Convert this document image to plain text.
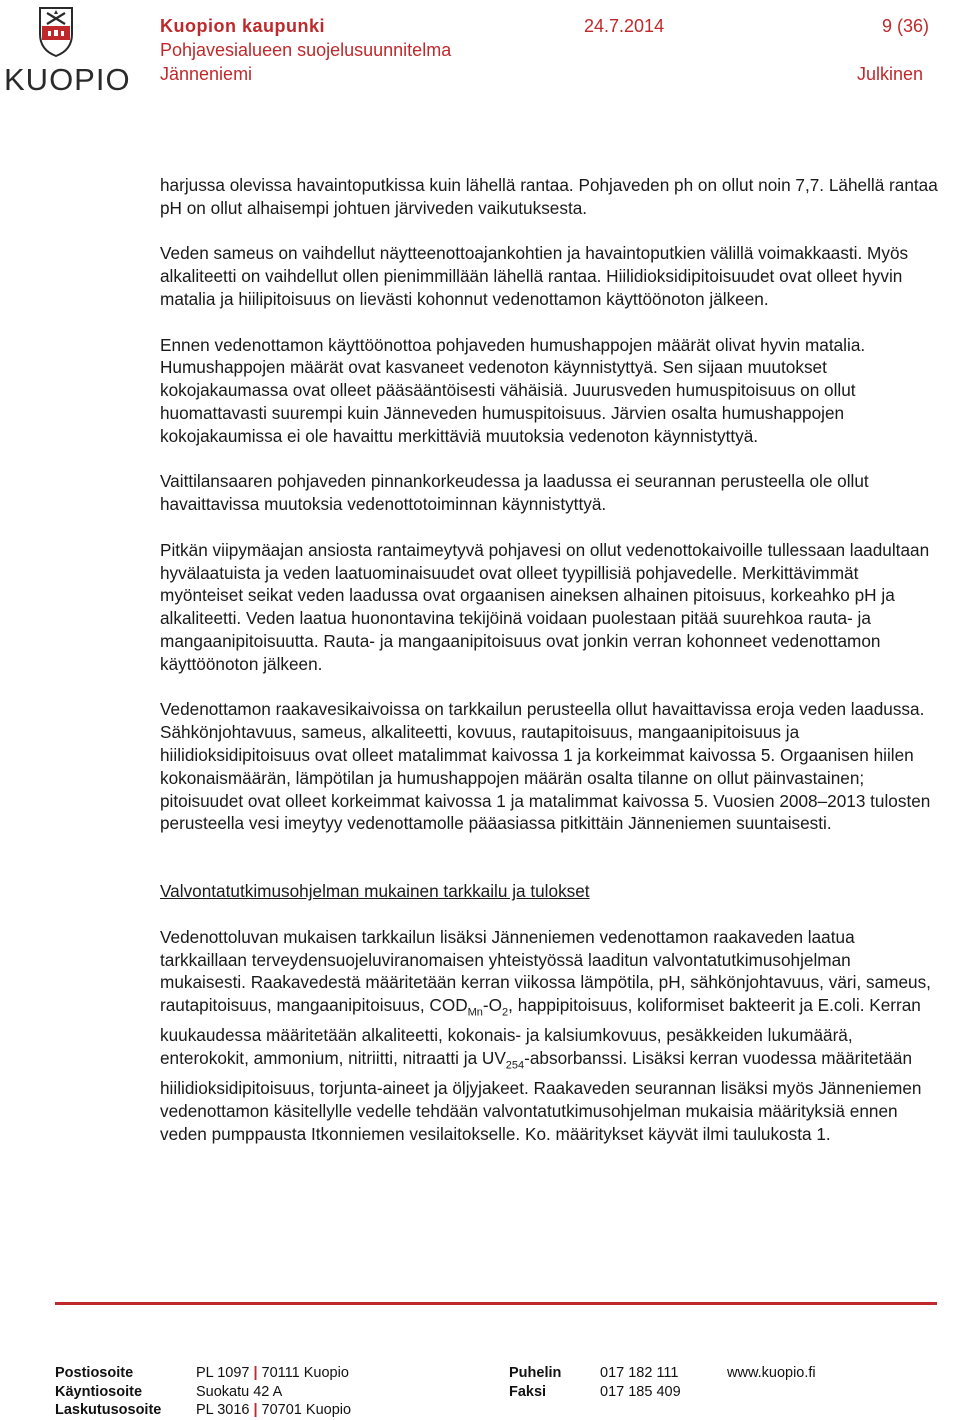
KUOPIO
Kuopion kaupunki
Pohjavesialueen suojelusuunnitelma
Jänneniemi
24.7.2014	9 (36)
Julkinen

harjussa olevissa havaintoputkissa kuin lähellä rantaa. Pohjaveden ph on ollut noin 7,7. Lähellä rantaa pH on ollut alhaisempi johtuen järviveden vaikutuksesta.

Veden sameus on vaihdellut näytteenottoajankohtien ja havaintoputkien välillä voimakkaasti. Myös alkaliteetti on vaihdellut ollen pienimmillään lähellä rantaa. Hiilidioksidipitoisuudet ovat olleet hyvin matalia ja hiilipitoisuus on lievästi kohonnut vedenottamon käyttöönoton jälkeen.

Ennen vedenottamon käyttöönottoa pohjaveden humushappojen määrät olivat hyvin matalia. Humushappojen määrät ovat kasvaneet vedenoton käynnistyttyä. Sen sijaan muutokset kokojakaumassa ovat olleet pääsääntöisesti vähäisiä. Juurusveden humuspitoisuus on ollut huomattavasti suurempi kuin Jänneveden humuspitoisuus. Järvien osalta humushappojen kokojakaumissa ei ole havaittu merkittäviä muutoksia vedenoton käynnistyttyä.

Vaittilansaaren pohjaveden pinnankorkeudessa ja laadussa ei seurannan perusteella ole ollut havaittavissa muutoksia vedenottotoiminnan käynnistyttyä.

Pitkän viipymäajan ansiosta rantaimeytyvä pohjavesi on ollut vedenottokaivoille tullessaan laadultaan hyvälaatuista ja veden laatuominaisuudet ovat olleet tyypillisiä pohjavedelle. Merkittävimmät myönteiset seikat veden laadussa ovat orgaanisen aineksen alhainen pitoisuus, korkeahko pH ja alkaliteetti. Veden laatua huonontavina tekijöinä voidaan puolestaan pitää suurehkoa rauta- ja mangaanipitoisuutta. Rauta- ja mangaanipitoisuus ovat jonkin verran kohonneet vedenottamon käyttöönoton jälkeen.

Vedenottamon raakavesikaivoissa on tarkkailun perusteella ollut havaittavissa eroja veden laadussa. Sähkönjohtavuus, sameus, alkaliteetti, kovuus, rautapitoisuus, mangaanipitoisuus ja hiilidioksidipitoisuus ovat olleet matalimmat kaivossa 1 ja korkeimmat kaivossa 5. Orgaanisen hiilen kokonaismäärän, lämpötilan ja humushappojen määrän osalta tilanne on ollut päinvastainen; pitoisuudet ovat olleet korkeimmat kaivossa 1 ja matalimmat kaivossa 5. Vuosien 2008–2013 tulosten perusteella vesi imeytyy vedenottamolle pääasiassa pitkittäin Jänneniemen suuntaisesti.

Valvontatutkimusohjelman mukainen tarkkailu ja tulokset

Vedenottoluvan mukaisen tarkkailun lisäksi Jänneniemen vedenottamon raakaveden laatua tarkkaillaan terveydensuojeluviranomaisen yhteistyössä laaditun valvontatutkimusohjelman mukaisesti. Raakavedestä määritetään kerran viikossa lämpötila, pH, sähkönjohtavuus, väri, sameus, rautapitoisuus, mangaanipitoisuus, $COD_{Mn}-O_2$, happipitoisuus, koliformiset bakteerit ja E.coli. Kerran kuukaudessa määritetään alkaliteetti, kokonais- ja kalsiumkovuus, pesäkkeiden lukumäärä, enterokokit, ammonium, nitriitti, nitraatti ja $UV_{254}$-absorbanssi. Lisäksi kerran vuodessa määritetään hiilidioksidipitoisuus, torjunta-aineet ja öljyjakeet. Raakaveden seurannan lisäksi myös Jänneniemen vedenottamon käsitellylle vedelle tehdään valvontatutkimusohjelman mukaisia määrityksiä ennen veden pumppausta Itkonniemen vesilaitokselle. Ko. määritykset käyvät ilmi taulukosta 1.

Postiosoite	PL 1097 | 70111 Kuopio
Käyntiosoite	Suokatu 42 A
Laskutusosoite PL 3016 | 70701 Kuopio
Puhelin	017 182 111
Faksi	017 185 409
www.kuopio.fi
